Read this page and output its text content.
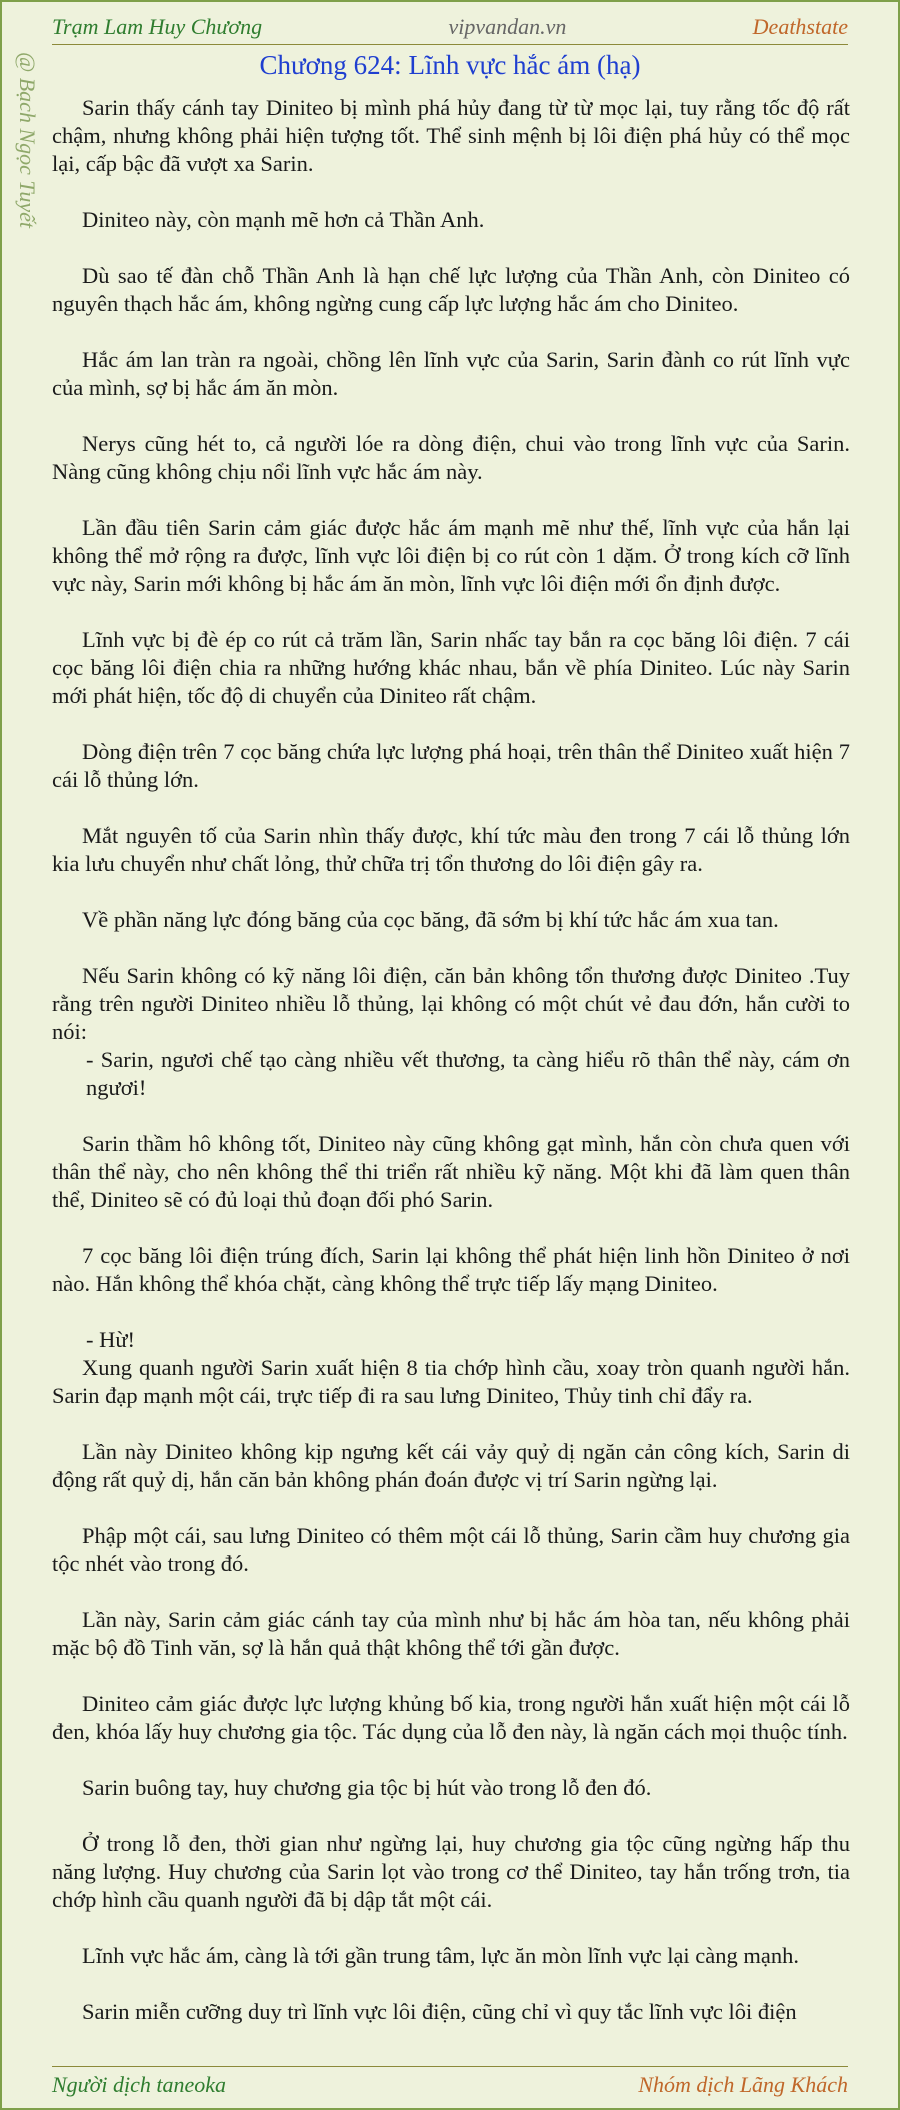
Trạm Lam Huy Chương	vipvandan.vn	Deathstate
@ Bạch Ngọc Tuyết	Chương 624: Lĩnh vực hắc ám (hạ)

Sarin thấy cánh tay Diniteo bị mình phá hủy đang từ từ mọc lại, tuy rằng tốc độ rất chậm, nhưng không phải hiện tượng tốt. Thể sinh mệnh bị lôi điện phá hủy có thể mọc lại, cấp bậc đã vượt xa Sarin.

Diniteo này, còn mạnh mẽ hơn cả Thần Anh.

Dù sao tế đàn chỗ Thần Anh là hạn chế lực lượng của Thần Anh, còn Diniteo có nguyên thạch hắc ám, không ngừng cung cấp lực lượng hắc ám cho Diniteo.

Hắc ám lan tràn ra ngoài, chồng lên lĩnh vực của Sarin, Sarin đành co rút lĩnh vực của mình, sợ bị hắc ám ăn mòn.

Nerys cũng hét to, cả người lóe ra dòng điện, chui vào trong lĩnh vực của Sarin. Nàng cũng không chịu nổi lĩnh vực hắc ám này.

Lần đầu tiên Sarin cảm giác được hắc ám mạnh mẽ như thế, lĩnh vực của hắn lại không thể mở rộng ra được, lĩnh vực lôi điện bị co rút còn 1 dặm. Ở trong kích cỡ lĩnh vực này, Sarin mới không bị hắc ám ăn mòn, lĩnh vực lôi điện mới ổn định được.

Lĩnh vực bị đè ép co rút cả trăm lần, Sarin nhấc tay bắn ra cọc băng lôi điện. 7 cái cọc băng lôi điện chia ra những hướng khác nhau, bắn về phía Diniteo. Lúc này Sarin mới phát hiện, tốc độ di chuyển của Diniteo rất chậm.

Dòng điện trên 7 cọc băng chứa lực lượng phá hoại, trên thân thể Diniteo xuất hiện 7 cái lỗ thủng lớn.

Mắt nguyên tố của Sarin nhìn thấy được, khí tức màu đen trong 7 cái lỗ thủng lớn kia lưu chuyển như chất lỏng, thử chữa trị tổn thương do lôi điện gây ra.

Về phần năng lực đóng băng của cọc băng, đã sớm bị khí tức hắc ám xua tan.

Nếu Sarin không có kỹ năng lôi điện, căn bản không tổn thương được Diniteo .Tuy rằng trên người Diniteo nhiều lỗ thủng, lại không có một chút vẻ đau đớn, hắn cười to nói:

- Sarin, ngươi chế tạo càng nhiều vết thương, ta càng hiểu rõ thân thể này, cám ơn ngươi!

Sarin thầm hô không tốt, Diniteo này cũng không gạt mình, hắn còn chưa quen với thân thể này, cho nên không thể thi triển rất nhiều kỹ năng. Một khi đã làm quen thân thể, Diniteo sẽ có đủ loại thủ đoạn đối phó Sarin.

7 cọc băng lôi điện trúng đích, Sarin lại không thể phát hiện linh hồn Diniteo ở nơi nào. Hắn không thể khóa chặt, càng không thể trực tiếp lấy mạng Diniteo.

- Hừ!

Xung quanh người Sarin xuất hiện 8 tia chớp hình cầu, xoay tròn quanh người hắn. Sarin đạp mạnh một cái, trực tiếp đi ra sau lưng Diniteo, Thủy tinh chỉ đẩy ra.

Lần này Diniteo không kịp ngưng kết cái vảy quỷ dị ngăn cản công kích, Sarin di động rất quỷ dị, hắn căn bản không phán đoán được vị trí Sarin ngừng lại.

Phập một cái, sau lưng Diniteo có thêm một cái lỗ thủng, Sarin cầm huy chương gia tộc nhét vào trong đó.

Lần này, Sarin cảm giác cánh tay của mình như bị hắc ám hòa tan, nếu không phải mặc bộ đồ Tinh văn, sợ là hắn quả thật không thể tới gần được.

Diniteo cảm giác được lực lượng khủng bố kia, trong người hắn xuất hiện một cái lỗ đen, khóa lấy huy chương gia tộc. Tác dụng của lỗ đen này, là ngăn cách mọi thuộc tính.

Sarin buông tay, huy chương gia tộc bị hút vào trong lỗ đen đó.

Ở trong lỗ đen, thời gian như ngừng lại, huy chương gia tộc cũng ngừng hấp thu năng lượng. Huy chương của Sarin lọt vào trong cơ thể Diniteo, tay hắn trống trơn, tia chớp hình cầu quanh người đã bị dập tắt một cái.

Lĩnh vực hắc ám, càng là tới gần trung tâm, lực ăn mòn lĩnh vực lại càng mạnh.

Sarin miễn cưỡng duy trì lĩnh vực lôi điện, cũng chỉ vì quy tắc lĩnh vực lôi điện

Người dịch taneoka	Nhóm dịch Lãng Khách
